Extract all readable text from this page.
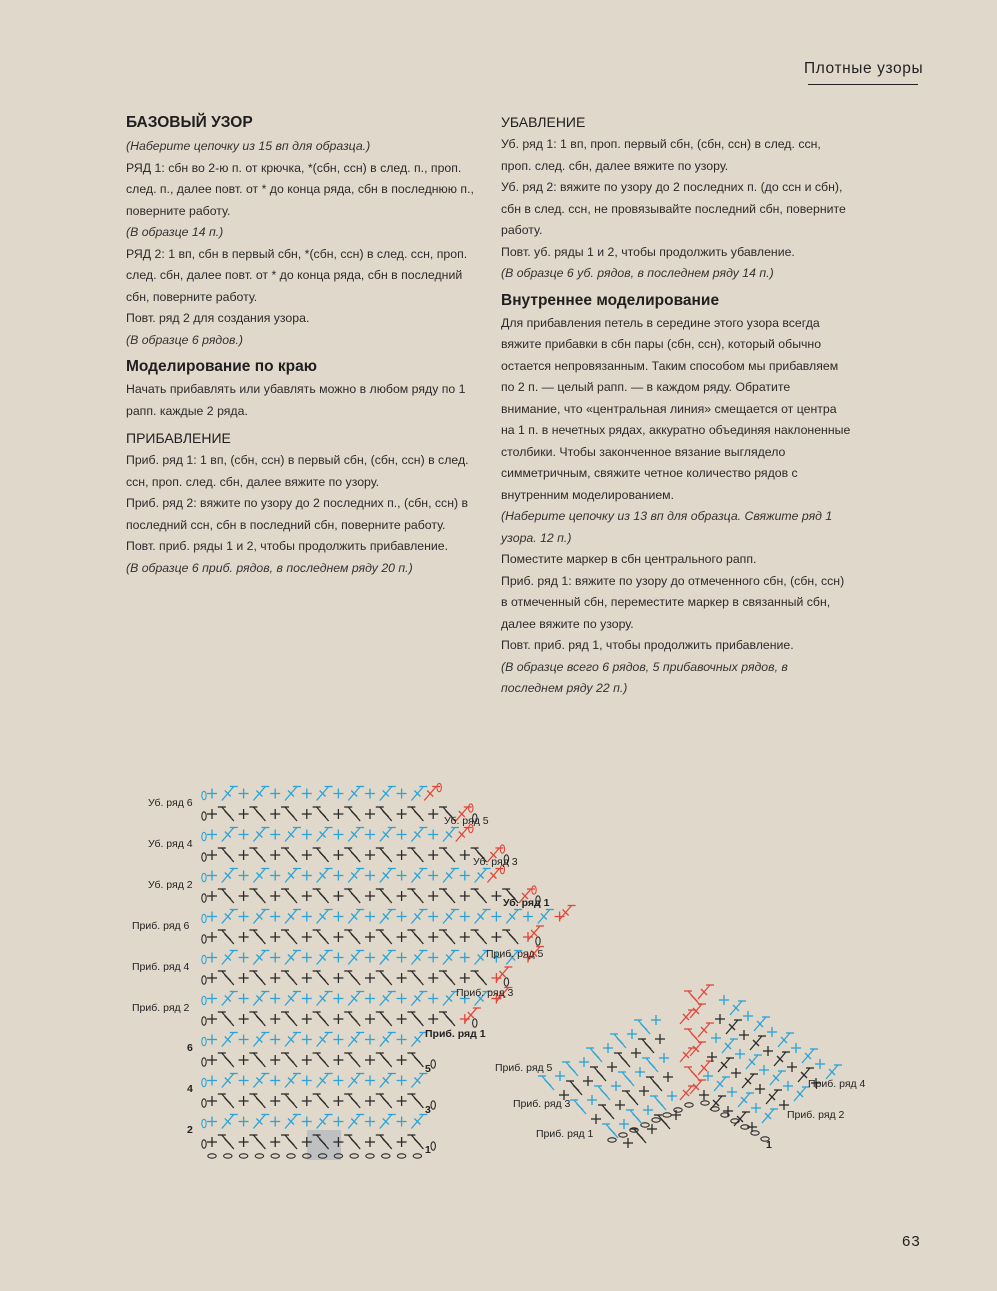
Плотные узоры
БАЗОВЫЙ УЗОР
(Наберите цепочку из 15 вп для образца.)
РЯД 1: сбн во 2-ю п. от крючка, *(сбн, ссн) в след. п., проп. след. п., далее повт. от * до конца ряда, сбн в последнюю п., поверните работу.
(В образце 14 п.)
РЯД 2: 1 вп, сбн в первый сбн, *(сбн, ссн) в след. ссн, проп. след. сбн, далее повт. от * до конца ряда, сбн в последний сбн, поверните работу.
Повт. ряд 2 для создания узора.
(В образце 6 рядов.)
Моделирование по краю
Начать прибавлять или убавлять можно в любом ряду по 1 рапп. каждые 2 ряда.
ПРИБАВЛЕНИЕ
Приб. ряд 1: 1 вп, (сбн, ссн) в первый сбн, (сбн, ссн) в след. ссн, проп. след. сбн, далее вяжите по узору.
Приб. ряд 2: вяжите по узору до 2 последних п., (сбн, ссн) в последний ссн, сбн в последний сбн, поверните работу.
Повт. приб. ряды 1 и 2, чтобы продолжить прибавление.
(В образце 6 приб. рядов, в последнем ряду 20 п.)
УБАВЛЕНИЕ
Уб. ряд 1: 1 вп, проп. первый сбн, (сбн, ссн) в след. ссн, проп. след. сбн, далее вяжите по узору.
Уб. ряд 2: вяжите по узору до 2 последних п. (до ссн и сбн), сбн в след. ссн, не провязывайте последний сбн, поверните работу.
Повт. уб. ряды 1 и 2, чтобы продолжить убавление.
(В образце 6 уб. рядов, в последнем ряду 14 п.)
Внутреннее моделирование
Для прибавления петель в середине этого узора всегда вяжите прибавки в сбн пары (сбн, ссн), который обычно остается непровязанным. Таким способом мы прибавляем по 2 п. — целый рапп. — в каждом ряду. Обратите внимание, что «центральная линия» смещается от центра на 1 п. в нечетных рядах, аккуратно объединяя наклоненные столбики. Чтобы законченное вязание выглядело симметричным, свяжите четное количество рядов с внутренним моделированием.
(Наберите цепочку из 13 вп для образца. Свяжите ряд 1 узора. 12 п.)
Поместите маркер в сбн центрального рапп.
Приб. ряд 1: вяжите по узору до отмеченного сбн, (сбн, ссн) в отмеченный сбн, переместите маркер в связанный сбн, далее вяжите по узору.
Повт. приб. ряд 1, чтобы продолжить прибавление.
(В образце всего 6 рядов, 5 прибавочных рядов, в последнем ряду 22 п.)
Уб. ряд 6
Уб. ряд 4
Уб. ряд 2
Приб. ряд 6
Приб. ряд 4
Приб. ряд 2
6
4
2
Уб. ряд 5
Уб. ряд 3
Уб. ряд 1
Приб. ряд 5
Приб. ряд 3
Приб. ряд 1
5
3
1
Приб. ряд 5
Приб. ряд 3
Приб. ряд 1
Приб. ряд 4
Приб. ряд 2
1
63
